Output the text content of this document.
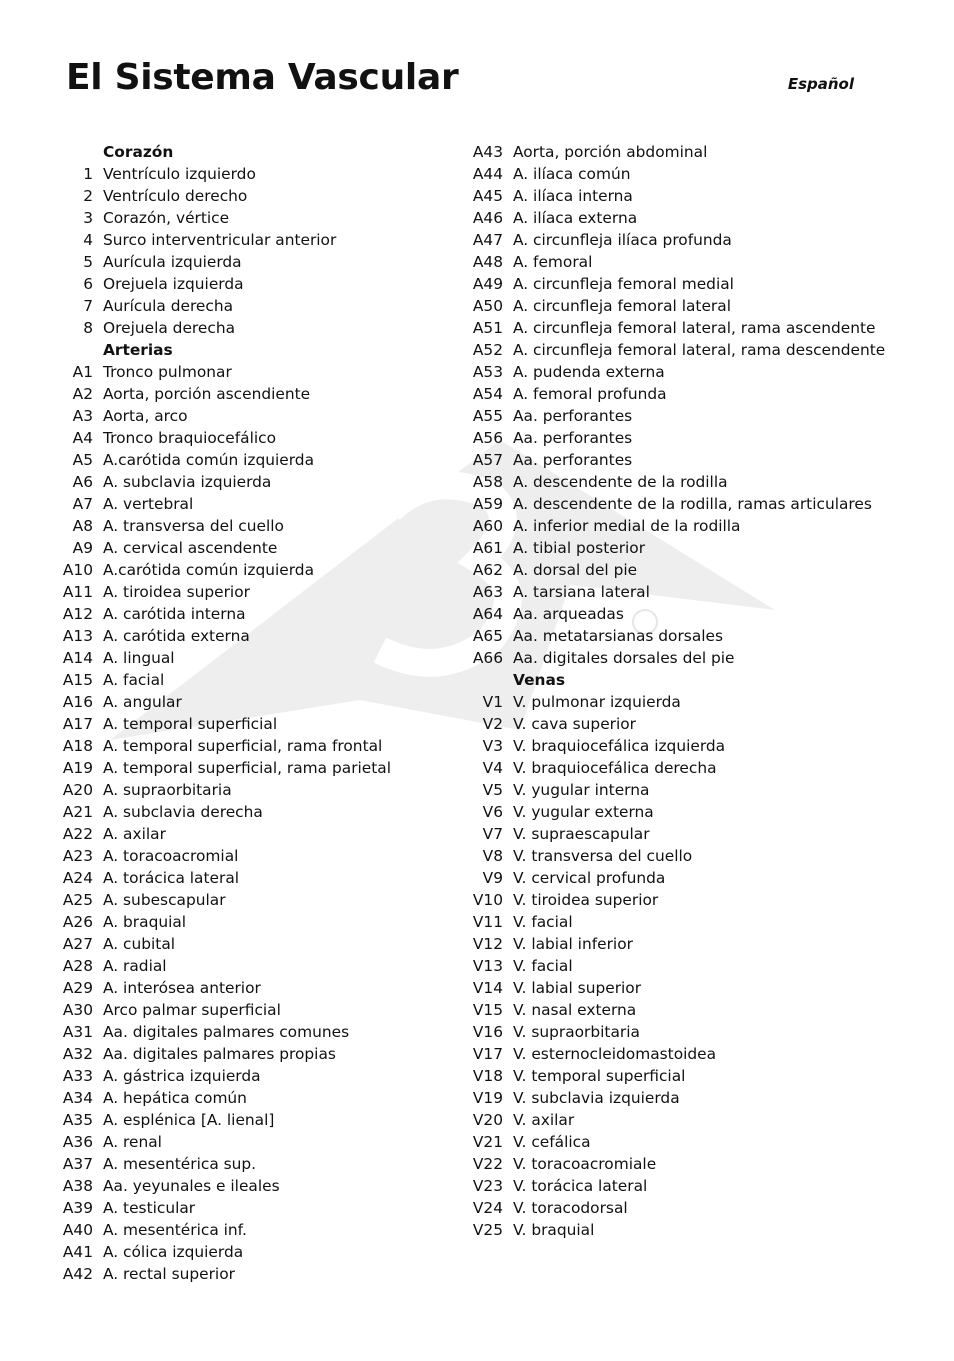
El Sistema Vascular	Español
Corazón
1 Ventrículo izquierdo
2 Ventrículo derecho
3 Corazón, vértice
4 Surco interventricular anterior
5 Aurícula izquierda
6 Orejuela izquierda
7 Aurícula derecha
8 Orejuela derecha
Arterias
A1 Tronco pulmonar
A2 Aorta, porción ascendiente
A3 Aorta, arco
A4 Tronco braquiocefálico
A5 A.carótida común izquierda
A6 A. subclavia izquierda
A7 A. vertebral
A8 A. transversa del cuello
A9 A. cervical ascendente
A10 A.carótida común izquierda
A11 A. tiroidea superior
A12 A. carótida interna
A13 A. carótida externa
A14 A. lingual
A15 A. facial
A16 A. angular
A17 A. temporal superficial
A18 A. temporal superficial, rama frontal
A19 A. temporal superficial, rama parietal
A20 A. supraorbitaria
A21 A. subclavia derecha
A22 A. axilar
A23 A. toracoacromial
A24 A. torácica lateral
A25 A. subescapular
A26 A. braquial
A27 A. cubital
A28 A. radial
A29 A. interósea anterior
A30 Arco palmar superficial
A31 Aa. digitales palmares comunes
A32 Aa. digitales palmares propias
A33 A. gástrica izquierda
A34 A. hepática común
A35 A. esplénica [A. lienal]
A36 A. renal
A37 A. mesentérica sup.
A38 Aa. yeyunales e ileales
A39 A. testicular
A40 A. mesentérica inf.
A41 A. cólica izquierda
A42 A. rectal superior
A43 Aorta, porción abdominal
A44 A. ilíaca común
A45 A. ilíaca interna
A46 A. ilíaca externa
A47 A. circunfleja ilíaca profunda
A48 A. femoral
A49 A. circunfleja femoral medial
A50 A. circunfleja femoral lateral
A51 A. circunfleja femoral lateral, rama ascendente
A52 A. circunfleja femoral lateral, rama descendente
A53 A. pudenda externa
A54 A. femoral profunda
A55 Aa. perforantes
A56 Aa. perforantes
A57 Aa. perforantes
A58 A. descendente de la rodilla
A59 A. descendente de la rodilla, ramas articulares
A60 A. inferior medial de la rodilla
A61 A. tibial posterior
A62 A. dorsal del pie
A63 A. tarsiana lateral
A64 Aa. arqueadas
A65 Aa. metatarsianas dorsales
A66 Aa. digitales dorsales del pie
Venas
V1 V. pulmonar izquierda
V2 V. cava superior
V3 V. braquiocefálica izquierda
V4 V. braquiocefálica derecha
V5 V. yugular interna
V6 V. yugular externa
V7 V. supraescapular
V8 V. transversa del cuello
V9 V. cervical profunda
V10 V. tiroidea superior
V11 V. facial
V12 V. labial inferior
V13 V. facial
V14 V. labial superior
V15 V. nasal externa
V16 V. supraorbitaria
V17 V. esternocleidomastoidea
V18 V. temporal superficial
V19 V. subclavia izquierda
V20 V. axilar
V21 V. cefálica
V22 V. toracoacromiale
V23 V. torácica lateral
V24 V. toracodorsal
V25 V. braquial
